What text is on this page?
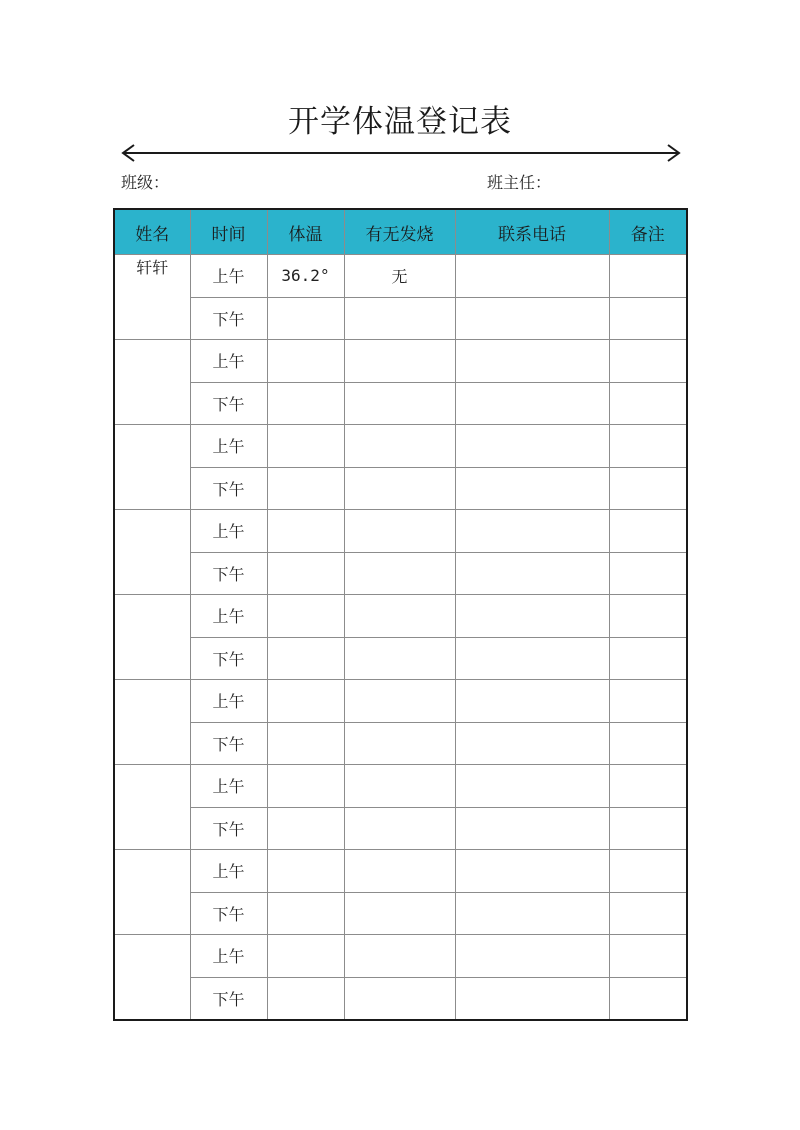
开学体温登记表
班级：	班主任：
姓名	时间	体温	有无发烧	联系电话	备注
轩轩	上午	36.2°	无		
	下午				
	上午				
	下午				
	上午				
	下午				
	上午				
	下午				
	上午				
	下午				
	上午				
	下午				
	上午				
	下午				
	上午				
	下午				
	上午				
	下午				
